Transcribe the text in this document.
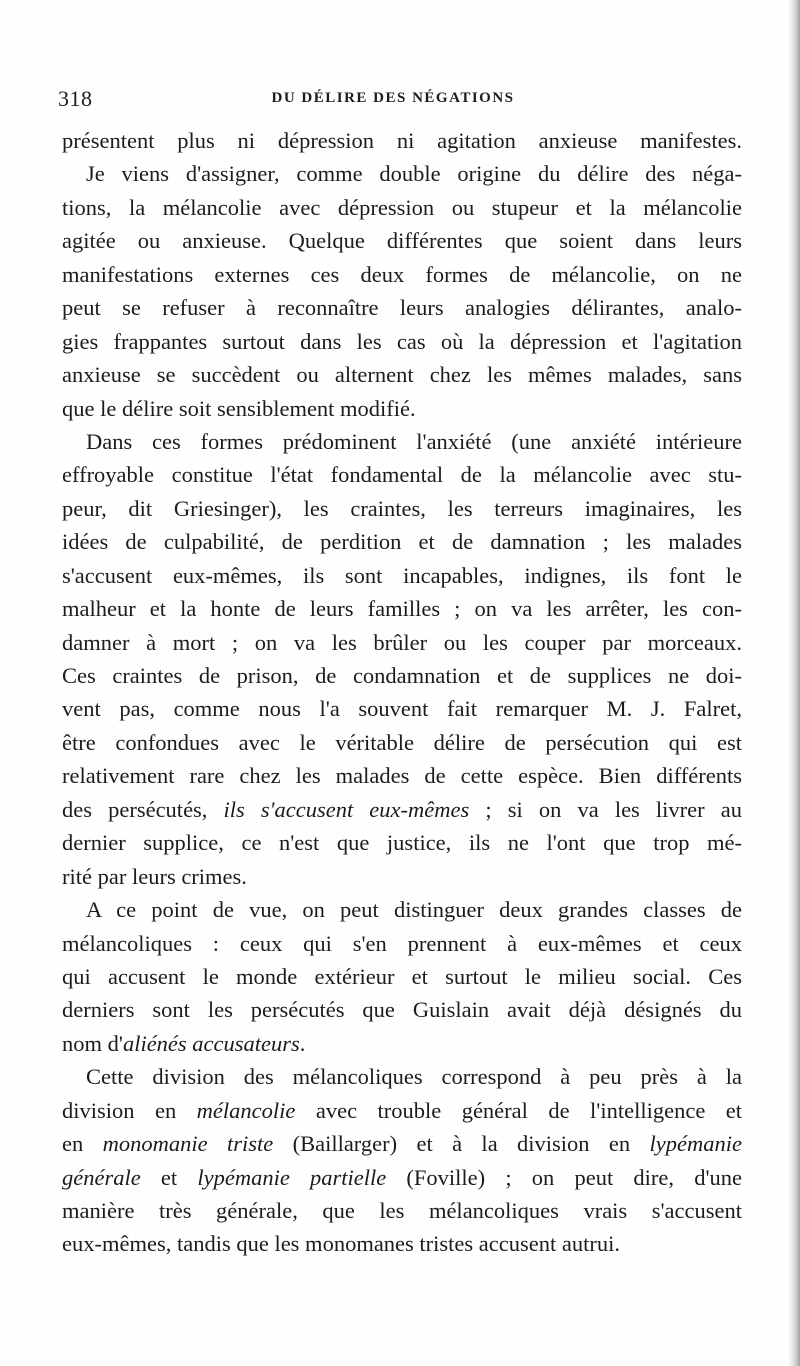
318	DU DÉLIRE DES NÉGATIONS
présentent plus ni dépression ni agitation anxieuse manifestes.
Je viens d'assigner, comme double origine du délire des néga-
tions, la mélancolie avec dépression ou stupeur et la mélancolie
agitée ou anxieuse. Quelque différentes que soient dans leurs
manifestations externes ces deux formes de mélancolie, on ne
peut se refuser à reconnaître leurs analogies délirantes, analo-
gies frappantes surtout dans les cas où la dépression et l'agitation
anxieuse se succèdent ou alternent chez les mêmes malades, sans
que le délire soit sensiblement modifié.
Dans ces formes prédominent l'anxiété (une anxiété intérieure
effroyable constitue l'état fondamental de la mélancolie avec stu-
peur, dit Griesinger), les craintes, les terreurs imaginaires, les
idées de culpabilité, de perdition et de damnation ; les malades
s'accusent eux-mêmes, ils sont incapables, indignes, ils font le
malheur et la honte de leurs familles ; on va les arrêter, les con-
damner à mort ; on va les brûler ou les couper par morceaux.
Ces craintes de prison, de condamnation et de supplices ne doi-
vent pas, comme nous l'a souvent fait remarquer M. J. Falret,
être confondues avec le véritable délire de persécution qui est
relativement rare chez les malades de cette espèce. Bien différents
des persécutés, ils s'accusent eux-mêmes ; si on va les livrer au
dernier supplice, ce n'est que justice, ils ne l'ont que trop mé-
rité par leurs crimes.
A ce point de vue, on peut distinguer deux grandes classes de
mélancoliques : ceux qui s'en prennent à eux-mêmes et ceux
qui accusent le monde extérieur et surtout le milieu social. Ces
derniers sont les persécutés que Guislain avait déjà désignés du
nom d'aliénés accusateurs.
Cette division des mélancoliques correspond à peu près à la
division en mélancolie avec trouble général de l'intelligence et
en monomanie triste (Baillarger) et à la division en lypémanie
générale et lypémanie partielle (Foville) ; on peut dire, d'une
manière très générale, que les mélancoliques vrais s'accusent
eux-mêmes, tandis que les monomanes tristes accusent autrui.
